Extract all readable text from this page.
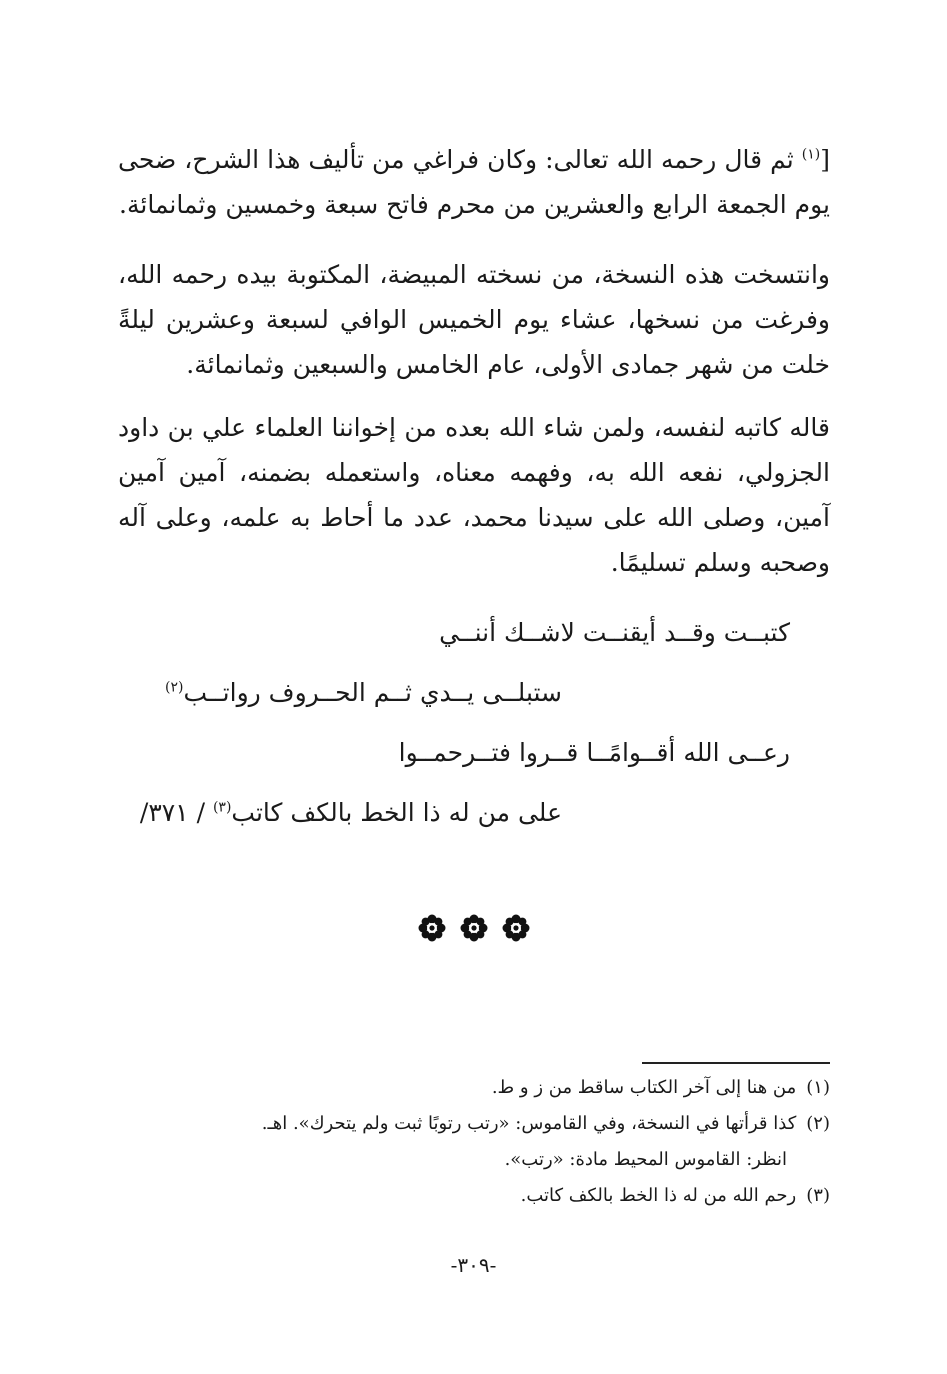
[$^{(١)}$ ثم قال رحمه الله تعالى: وكان فراغي من تأليف هذا الشرح، ضحى يوم الجمعة الرابع والعشرين من محرم فاتح سبعة وخمسين وثمانمائة.

وانتسخت هذه النسخة، من نسخته المبيضة، المكتوبة بيده رحمه الله، وفرغت من نسخها، عشاء يوم الخميس الوافي لسبعة وعشرين ليلةً خلت من شهر جمادى الأولى، عام الخامس والسبعين وثمانمائة.

قاله كاتبه لنفسه، ولمن شاء الله بعده من إخواننا العلماء علي بن داود الجزولي، نفعه الله به، وفهمه معناه، واستعمله بضمنه، آمين آمين آمين، وصلى الله على سيدنا محمد، عدد ما أحاط به علمه، وعلى آله وصحبه وسلم تسليمًا.

كتبــت وقــد أيقنــت لاشــك أننــي
ستبلــى يــدي ثــم الحــروف رواتــب$^{(٢)}$
رعــى الله أقــوامًــا قــروا فتــرحمــوا
على من له ذا الخط بالكف كاتب$^{(٣)}$ / ٣٧١/
(١)من هنا إلى آخر الكتاب ساقط من ز و ط.
(٢)كذا قرأتها في النسخة، وفي القاموس: «رتب رتوبًا ثبت ولم يتحرك». اهـ.
انظر: القاموس المحيط مادة: «رتب».
(٣)رحم الله من له ذا الخط بالكف كاتب.
-٣٠٩-
